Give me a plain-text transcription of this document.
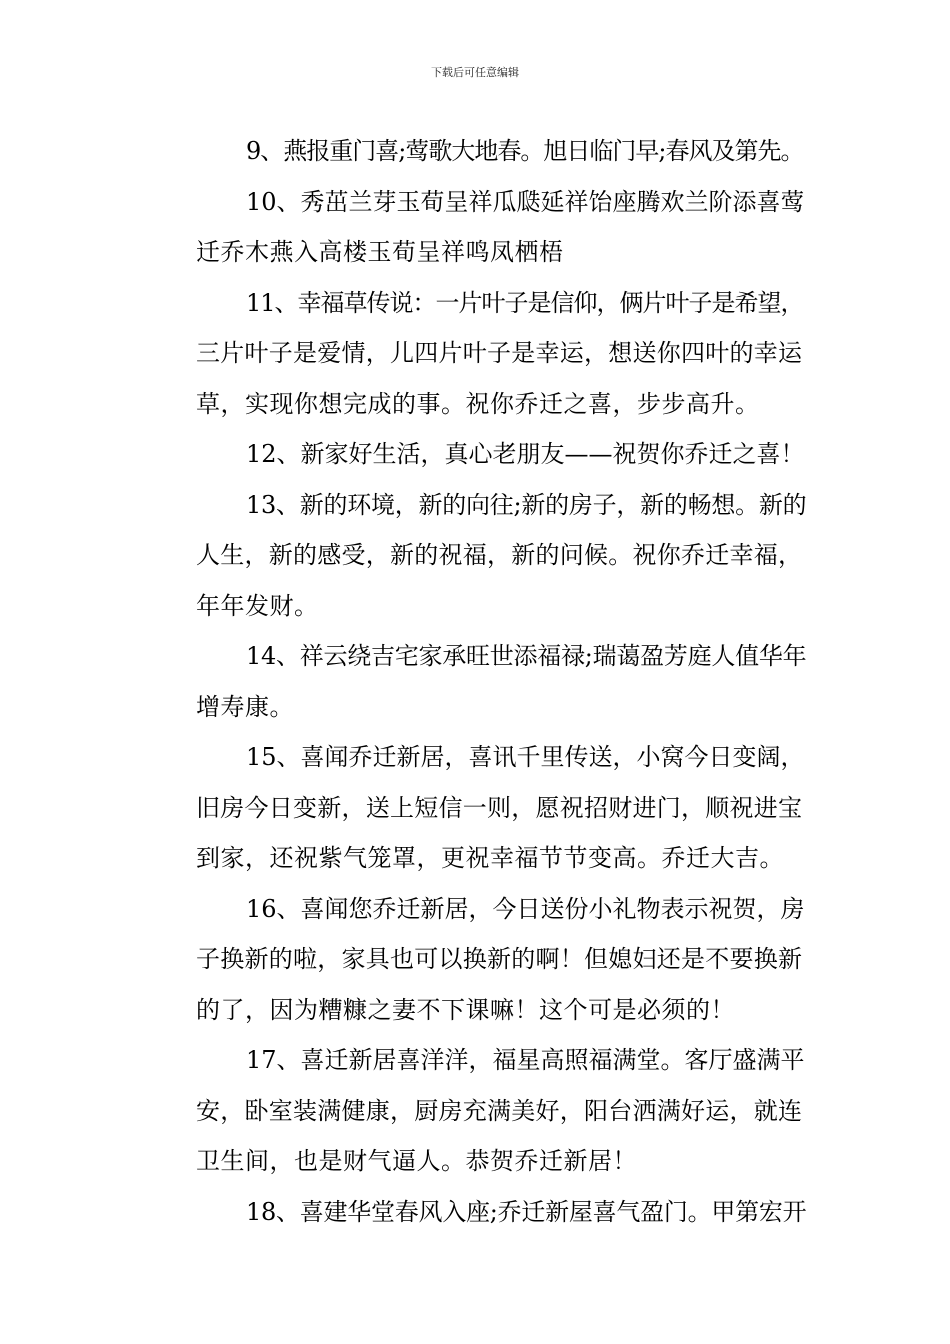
下载后可任意编辑
9、燕报重门喜;莺歌大地春。旭日临门早;春风及第先。
10、秀茁兰芽玉荀呈祥瓜瓞延祥饴座腾欢兰阶添喜莺
迁乔木燕入高楼玉荀呈祥鸣凤栖梧
11、幸福草传说：一片叶子是信仰，俩片叶子是希望，
三片叶子是爱情，儿四片叶子是幸运，想送你四叶的幸运
草，实现你想完成的事。祝你乔迁之喜，步步高升。
12、新家好生活，真心老朋友——祝贺你乔迁之喜！
13、新的环境，新的向往;新的房子，新的畅想。新的
人生，新的感受，新的祝福，新的问候。祝你乔迁幸福，
年年发财。
14、祥云绕吉宅家承旺世添福禄;瑞蔼盈芳庭人值华年
增寿康。
15、喜闻乔迁新居，喜讯千里传送，小窝今日变阔，
旧房今日变新，送上短信一则，愿祝招财进门，顺祝进宝
到家，还祝紫气笼罩，更祝幸福节节变高。乔迁大吉。
16、喜闻您乔迁新居，今日送份小礼物表示祝贺，房
子换新的啦，家具也可以换新的啊！但媳妇还是不要换新
的了，因为糟糠之妻不下课嘛！这个可是必须的！
17、喜迁新居喜洋洋，福星高照福满堂。客厅盛满平
安，卧室装满健康，厨房充满美好，阳台洒满好运，就连
卫生间，也是财气逼人。恭贺乔迁新居！
18、喜建华堂春风入座;乔迁新屋喜气盈门。甲第宏开
